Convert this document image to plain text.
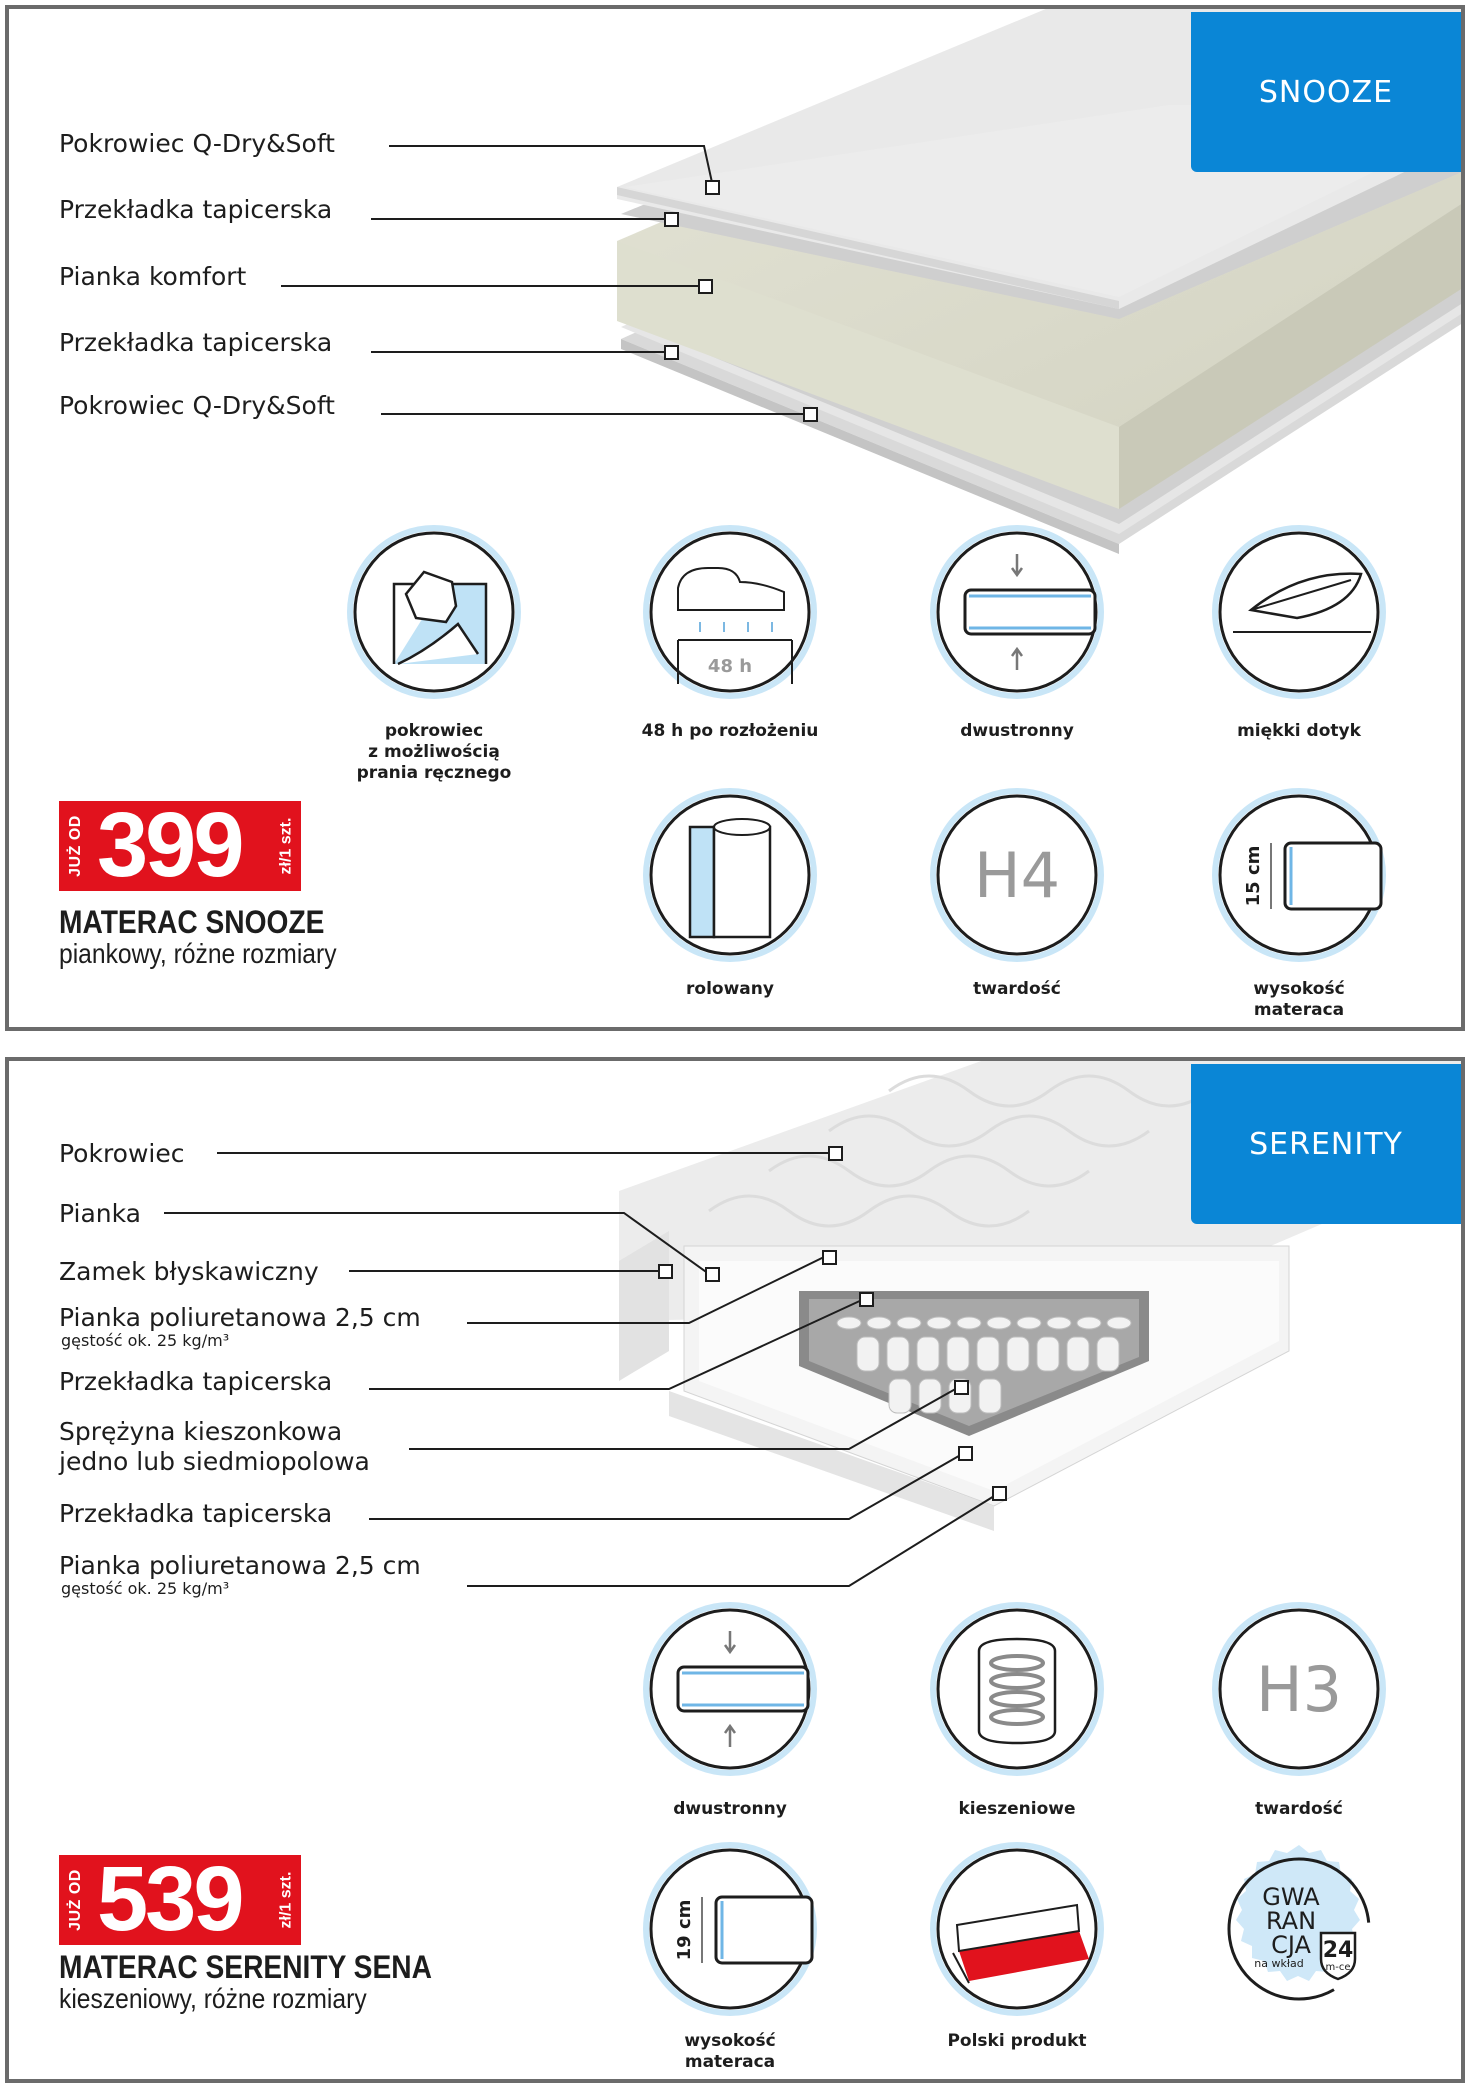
SNOOZE
Pokrowiec Q-Dry&Soft
Przekładka tapicerska
Pianka komfort
Przekładka tapicerska
Pokrowiec Q-Dry&Soft
48 h
pokrowiec
z możliwością
prania ręcznego
48 h po rozłożeniu	dwustronny	miękki dotyk
H4	15 cm
rolowany	twardość	wysokość
materaca
JUŻ OD 399 zł/1 szt.
MATERAC SNOOZE
piankowy, różne rozmiary
SERENITY
Pokrowiec
Pianka
Zamek błyskawiczny
Pianka poliuretanowa 2,5 cm
gęstość ok. 25 kg/m³
Przekładka tapicerska
Sprężyna kieszonkowa
jedno lub siedmiopolowa
Przekładka tapicerska
Pianka poliuretanowa 2,5 cm
gęstość ok. 25 kg/m³
H3
dwustronny	kieszeniowe	twardość
19 cm
GWA
RAN
CJA
na wkład
24
m-ce
wysokość
materaca
Polski produkt
JUŻ OD 539 zł/1 szt.
MATERAC SERENITY SENA
kieszeniowy, różne rozmiary
